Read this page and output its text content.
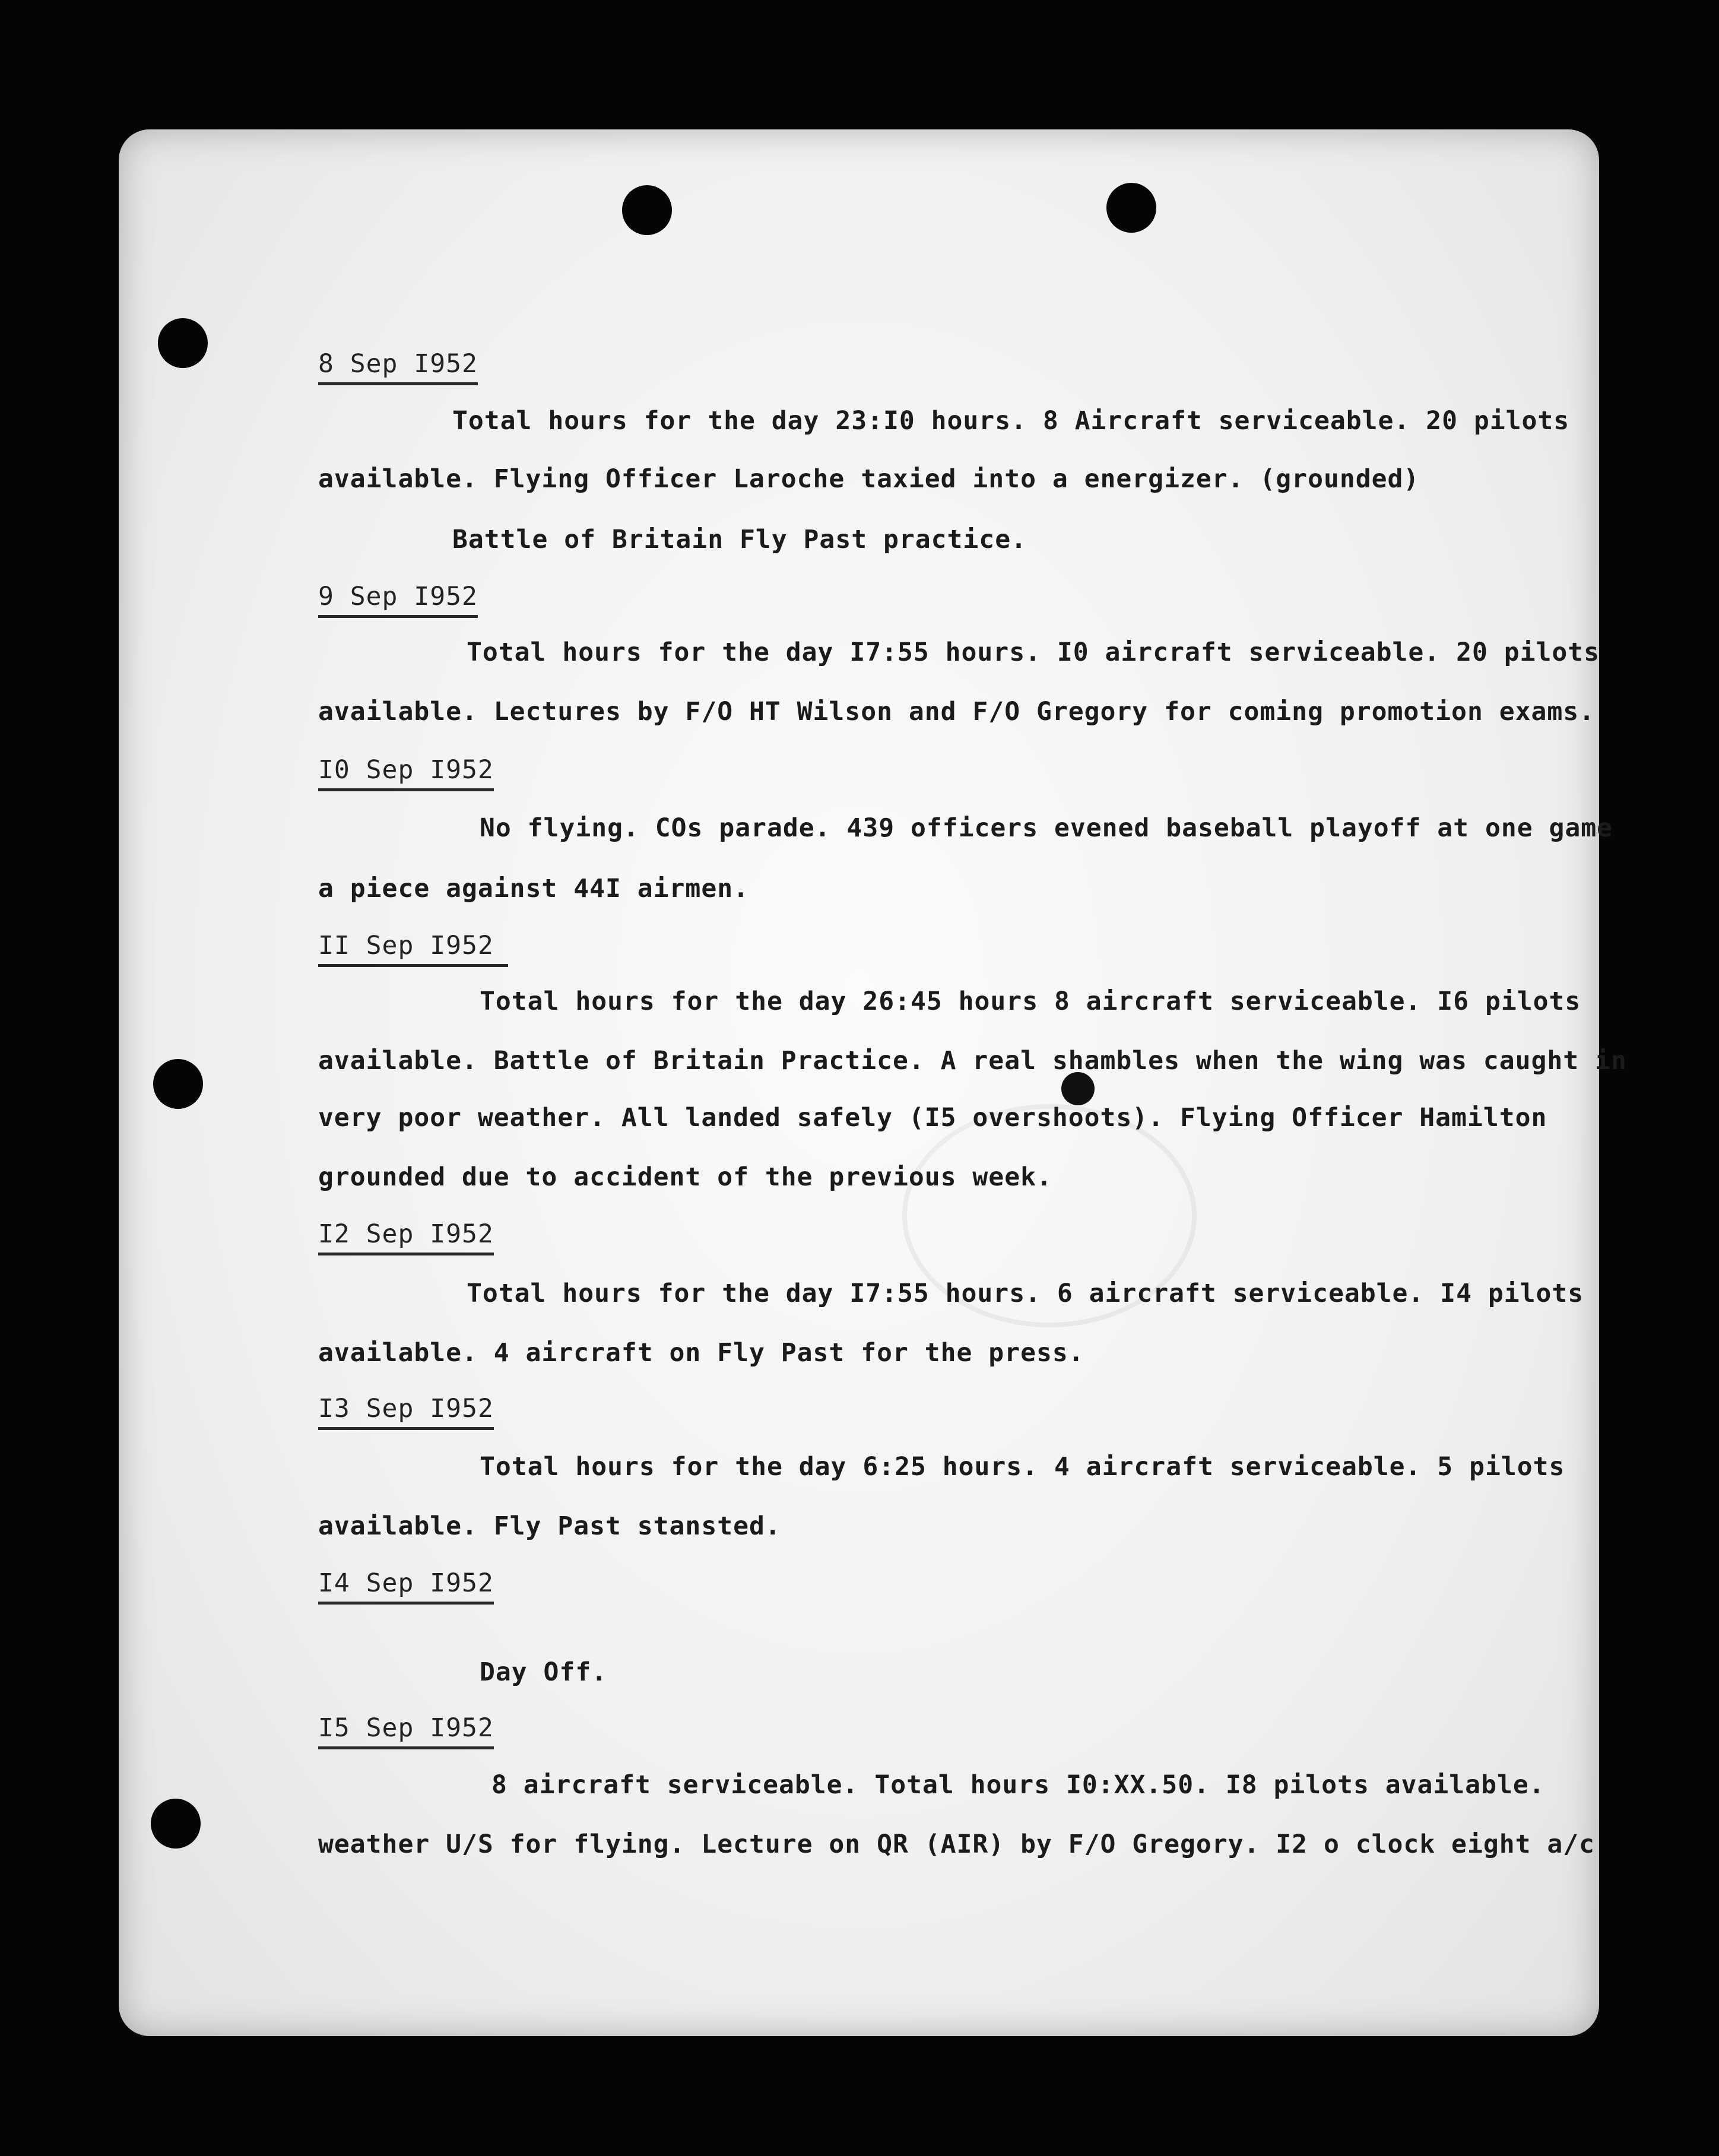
8 Sep I952
Total hours for the day 23:I0 hours. 8 Aircraft serviceable. 20 pilots
available. Flying Officer Laroche taxied into a energizer. (grounded)
Battle of Britain Fly Past practice.
9 Sep I952
Total hours for the day I7:55 hours. I0 aircraft serviceable. 20 pilots
available. Lectures by F/O HT Wilson and F/O Gregory for coming promotion exams.
I0 Sep I952
No flying. COs parade. 439 officers evened baseball playoff at one game
a piece against 44I airmen.
II Sep I952
Total hours for the day 26:45 hours 8 aircraft serviceable. I6 pilots
available. Battle of Britain Practice. A real shambles when the wing was caught in
very poor weather. All landed safely (I5 overshoots). Flying Officer Hamilton
grounded due to accident of the previous week.
I2 Sep I952
Total hours for the day I7:55 hours. 6 aircraft serviceable. I4 pilots
available. 4 aircraft on Fly Past for the press.
I3 Sep I952
Total hours for the day 6:25 hours. 4 aircraft serviceable. 5 pilots
available. Fly Past stansted.
I4 Sep I952
Day Off.
I5 Sep I952
8 aircraft serviceable. Total hours I0:XX.50. I8 pilots available.
weather U/S for flying. Lecture on QR (AIR) by F/O Gregory. I2 o clock eight a/c
